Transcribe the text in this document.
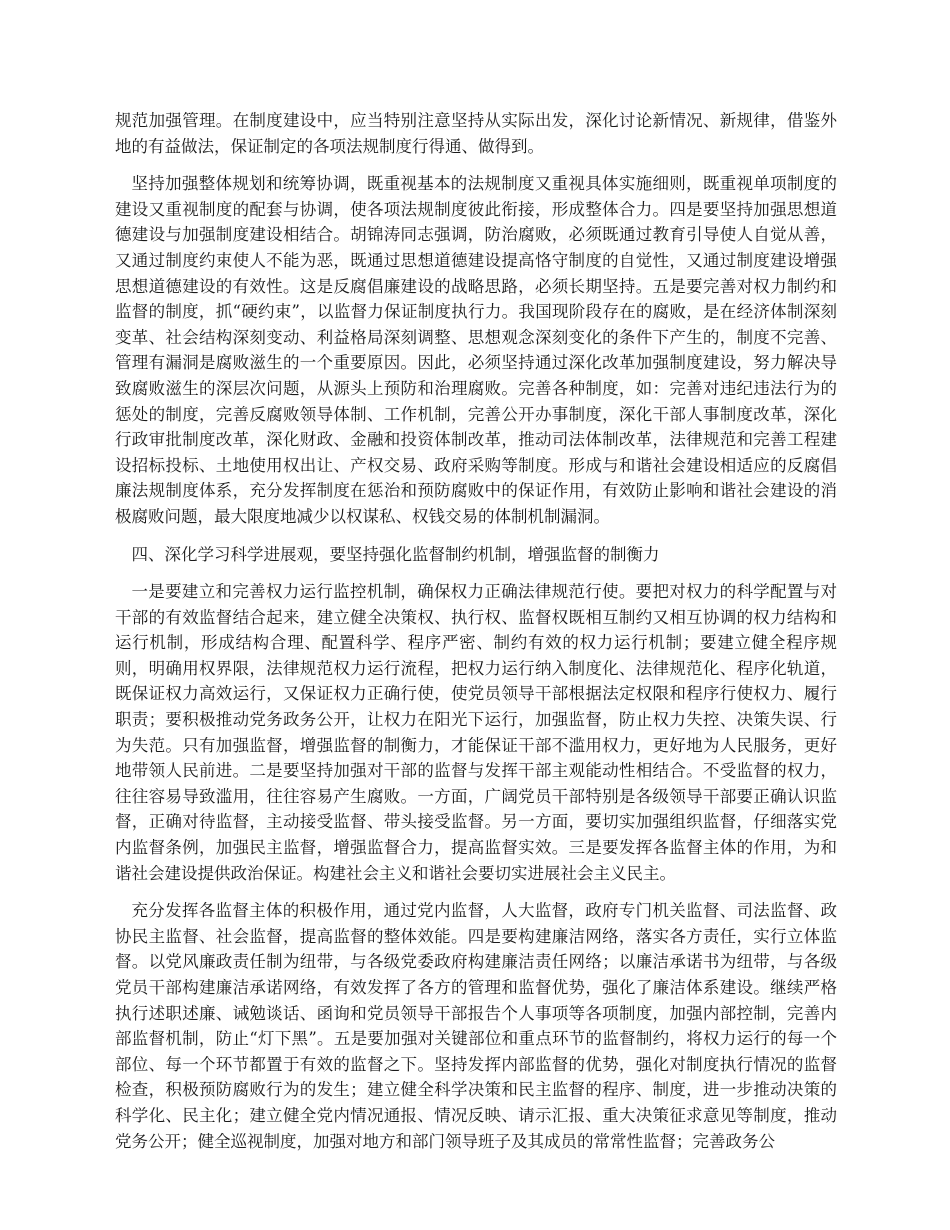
规范加强管理。在制度建设中，应当特别注意坚持从实际出发，深化讨论新情况、新规律，借鉴外地的有益做法，保证制定的各项法规制度行得通、做得到。

坚持加强整体规划和统筹协调，既重视基本的法规制度又重视具体实施细则，既重视单项制度的建设又重视制度的配套与协调，使各项法规制度彼此衔接，形成整体合力。四是要坚持加强思想道德建设与加强制度建设相结合。胡锦涛同志强调，防治腐败，必须既通过教育引导使人自觉从善，又通过制度约束使人不能为恶，既通过思想道德建设提高恪守制度的自觉性，又通过制度建设增强思想道德建设的有效性。这是反腐倡廉建设的战略思路，必须长期坚持。五是要完善对权力制约和监督的制度，抓“硬约束”，以监督力保证制度执行力。我国现阶段存在的腐败，是在经济体制深刻变革、社会结构深刻变动、利益格局深刻调整、思想观念深刻变化的条件下产生的，制度不完善、管理有漏洞是腐败滋生的一个重要原因。因此，必须坚持通过深化改革加强制度建设，努力解决导致腐败滋生的深层次问题，从源头上预防和治理腐败。完善各种制度，如：完善对违纪违法行为的惩处的制度，完善反腐败领导体制、工作机制，完善公开办事制度，深化干部人事制度改革，深化行政审批制度改革，深化财政、金融和投资体制改革，推动司法体制改革，法律规范和完善工程建设招标投标、土地使用权出让、产权交易、政府采购等制度。形成与和谐社会建设相适应的反腐倡廉法规制度体系，充分发挥制度在惩治和预防腐败中的保证作用，有效防止影响和谐社会建设的消极腐败问题，最大限度地减少以权谋私、权钱交易的体制机制漏洞。

四、深化学习科学进展观，要坚持强化监督制约机制，增强监督的制衡力

一是要建立和完善权力运行监控机制，确保权力正确法律规范行使。要把对权力的科学配置与对干部的有效监督结合起来，建立健全决策权、执行权、监督权既相互制约又相互协调的权力结构和运行机制，形成结构合理、配置科学、程序严密、制约有效的权力运行机制；要建立健全程序规则，明确用权界限，法律规范权力运行流程，把权力运行纳入制度化、法律规范化、程序化轨道，既保证权力高效运行，又保证权力正确行使，使党员领导干部根据法定权限和程序行使权力、履行职责；要积极推动党务政务公开，让权力在阳光下运行，加强监督，防止权力失控、决策失误、行为失范。只有加强监督，增强监督的制衡力，才能保证干部不滥用权力，更好地为人民服务，更好地带领人民前进。二是要坚持加强对干部的监督与发挥干部主观能动性相结合。不受监督的权力，往往容易导致滥用，往往容易产生腐败。一方面，广阔党员干部特别是各级领导干部要正确认识监督，正确对待监督，主动接受监督、带头接受监督。另一方面，要切实加强组织监督，仔细落实党内监督条例，加强民主监督，增强监督合力，提高监督实效。三是要发挥各监督主体的作用，为和谐社会建设提供政治保证。构建社会主义和谐社会要切实进展社会主义民主。

充分发挥各监督主体的积极作用，通过党内监督，人大监督，政府专门机关监督、司法监督、政协民主监督、社会监督，提高监督的整体效能。四是要构建廉洁网络，落实各方责任，实行立体监督。以党风廉政责任制为纽带，与各级党委政府构建廉洁责任网络；以廉洁承诺书为纽带，与各级党员干部构建廉洁承诺网络，有效发挥了各方的管理和监督优势，强化了廉洁体系建设。继续严格执行述职述廉、诫勉谈话、函询和党员领导干部报告个人事项等各项制度，加强内部控制，完善内部监督机制，防止“灯下黑”。五是要加强对关键部位和重点环节的监督制约，将权力运行的每一个部位、每一个环节都置于有效的监督之下。坚持发挥内部监督的优势，强化对制度执行情况的监督检查，积极预防腐败行为的发生；建立健全科学决策和民主监督的程序、制度，进一步推动决策的科学化、民主化；建立健全党内情况通报、情况反映、请示汇报、重大决策征求意见等制度，推动党务公开；健全巡视制度，加强对地方和部门领导班子及其成员的常常性监督；完善政务公
